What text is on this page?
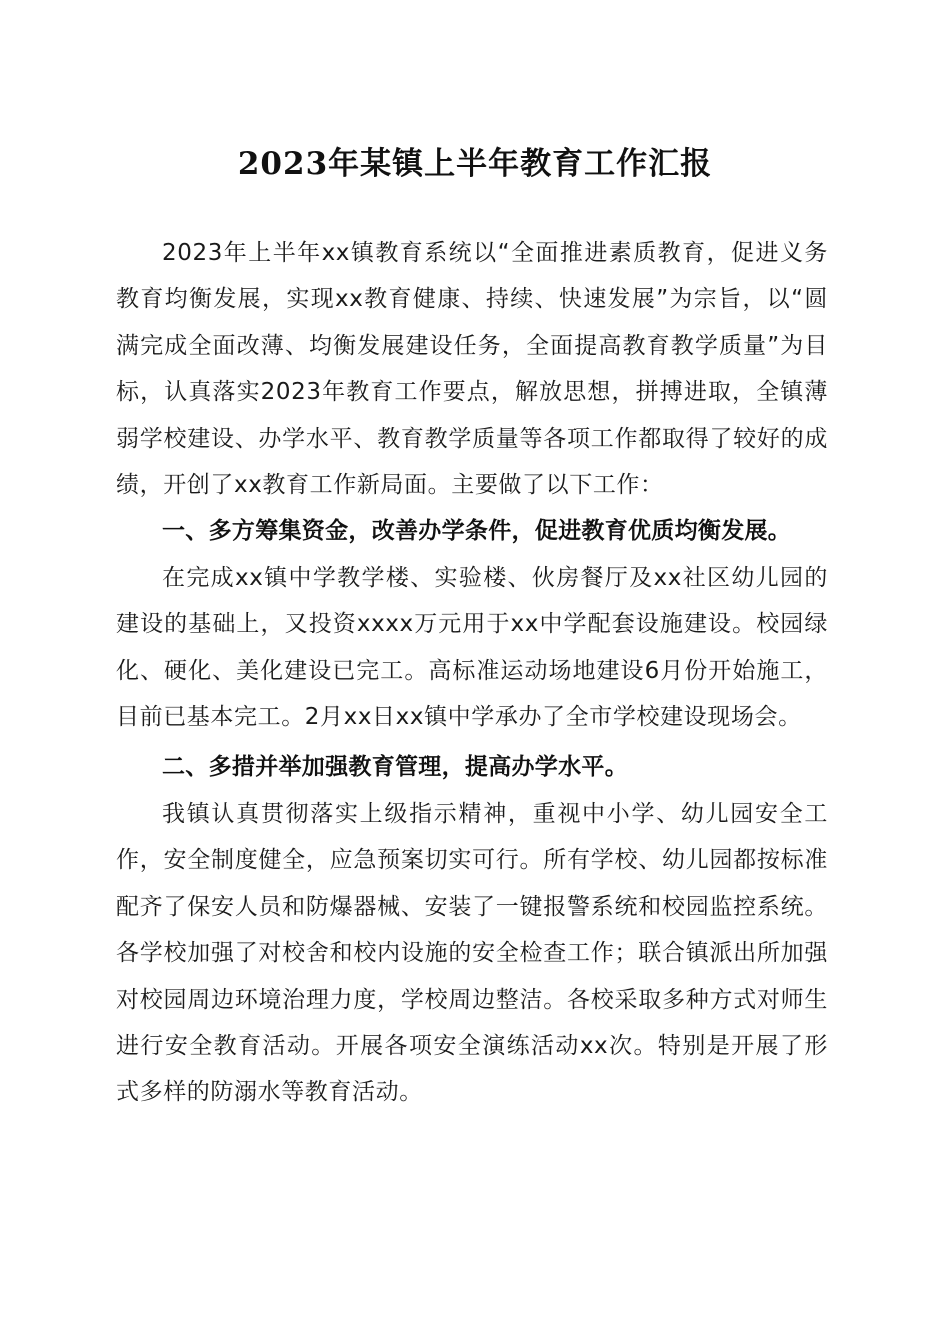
2023年某镇上半年教育工作汇报

2023年上半年xx镇教育系统以“全面推进素质教育，促进义务教育均衡发展，实现xx教育健康、持续、快速发展”为宗旨，以“圆满完成全面改薄、均衡发展建设任务，全面提高教育教学质量”为目标，认真落实2023年教育工作要点，解放思想，拼搏进取，全镇薄弱学校建设、办学水平、教育教学质量等各项工作都取得了较好的成绩，开创了xx教育工作新局面。主要做了以下工作：

一、多方筹集资金，改善办学条件，促进教育优质均衡发展。

在完成xx镇中学教学楼、实验楼、伙房餐厅及xx社区幼儿园的建设的基础上，又投资xxxx万元用于xx中学配套设施建设。校园绿化、硬化、美化建设已完工。高标准运动场地建设6月份开始施工，目前已基本完工。2月xx日xx镇中学承办了全市学校建设现场会。

二、多措并举加强教育管理，提高办学水平。

我镇认真贯彻落实上级指示精神，重视中小学、幼儿园安全工作，安全制度健全，应急预案切实可行。所有学校、幼儿园都按标准配齐了保安人员和防爆器械、安装了一键报警系统和校园监控系统。各学校加强了对校舍和校内设施的安全检查工作；联合镇派出所加强对校园周边环境治理力度，学校周边整洁。各校采取多种方式对师生进行安全教育活动。开展各项安全演练活动xx次。特别是开展了形式多样的防溺水等教育活动。
